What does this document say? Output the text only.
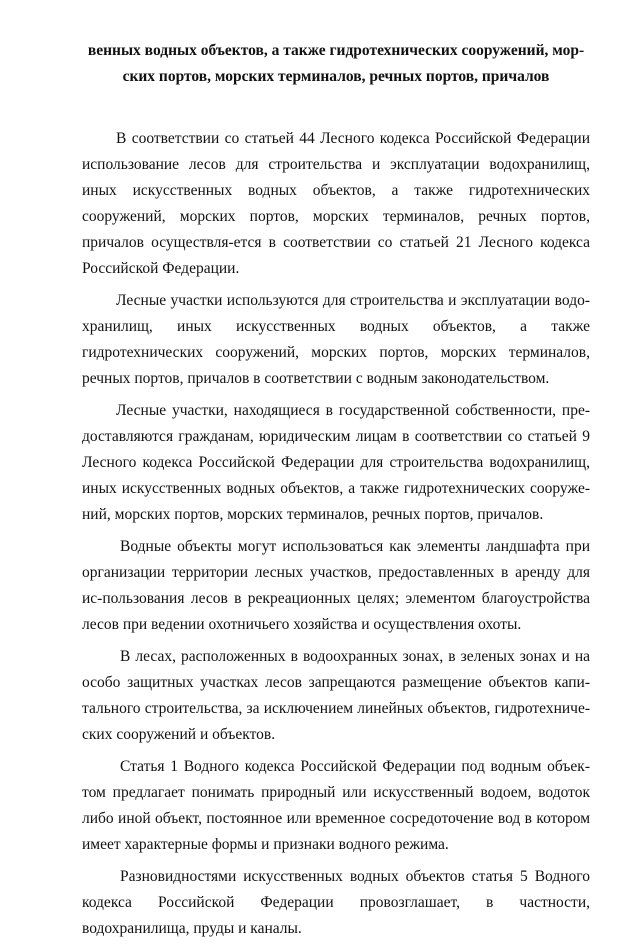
венных водных объектов, а также гидротехнических сооружений, мор-
ских портов, морских терминалов, речных портов, причалов

В соответствии со статьей 44 Лесного кодекса Российской Федерации использование лесов для строительства и эксплуатации водохранилищ, иных искусственных водных объектов, а также гидротехнических сооружений, морских портов, морских терминалов, речных портов, причалов осуществля-ется в соответствии со статьей 21 Лесного кодекса Российской Федерации.

Лесные участки используются для строительства и эксплуатации водо-хранилищ, иных искусственных водных объектов, а также гидротехнических сооружений, морских портов, морских терминалов, речных портов, причалов в соответствии с водным законодательством.

Лесные участки, находящиеся в государственной собственности, пре-доставляются гражданам, юридическим лицам в соответствии со статьей 9 Лесного кодекса Российской Федерации для строительства водохранилищ, иных искусственных водных объектов, а также гидротехнических сооруже-ний, морских портов, морских терминалов, речных портов, причалов.

Водные объекты могут использоваться как элементы ландшафта при организации территории лесных участков, предоставленных в аренду для ис-пользования лесов в рекреационных целях; элементом благоустройства лесов при ведении охотничьего хозяйства и осуществления охоты.

В лесах, расположенных в водоохранных зонах, в зеленых зонах и на особо защитных участках лесов запрещаются размещение объектов капи-тального строительства, за исключением линейных объектов, гидротехниче-ских сооружений и объектов.

Статья 1 Водного кодекса Российской Федерации под водным объек-том предлагает понимать природный или искусственный водоем, водоток либо иной объект, постоянное или временное сосредоточение вод в котором имеет характерные формы и признаки водного режима.

Разновидностями искусственных водных объектов статья 5 Водного кодекса Российской Федерации провозглашает, в частности, водохранилища, пруды и каналы.
